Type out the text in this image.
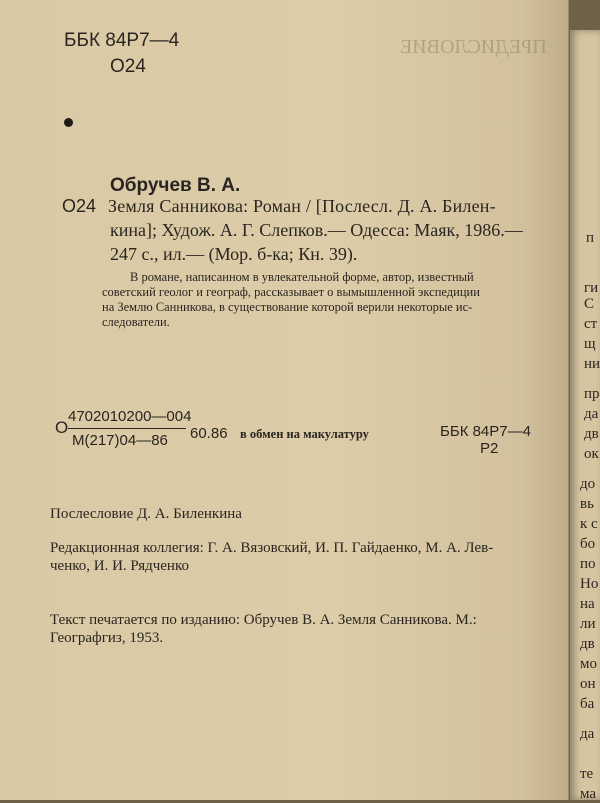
ББК 84Р7—4
О24
ПРЕДИСЛОВИЕ
Обручев В. А.
О24 Земля Санникова: Роман / [Послесл. Д. А. Билен-
кина]; Худож. А. Г. Слепков.— Одесса: Маяк, 1986.—
247 с., ил.— (Мор. б-ка; Кн. 39).
В романе, написанном в увлекательной форме, автор, известный
советский геолог и географ, рассказывает о вымышленной экспедиции
на Землю Санникова, в существование которой верили некоторые ис-
следователи.
О
4702010200—004
М(217)04—86 60.86 в обмен на макулатуру	ББК 84Р7—4
Р2
Послесловие Д. А. Биленкина
Редакционная коллегия: Г. А. Вязовский, И. П. Гайдаенко, М. А. Лев-
ченко, И. И. Рядченко
Текст печатается по изданию: Обручев В. А. Земля Санникова. М.:
Географгиз, 1953.
п
ги
С
ст
щ
ни
пр
да
дв
ок
до
вь
к с
бо
по
Но
на
ли
дв
мо
он
ба
да
те
ма
